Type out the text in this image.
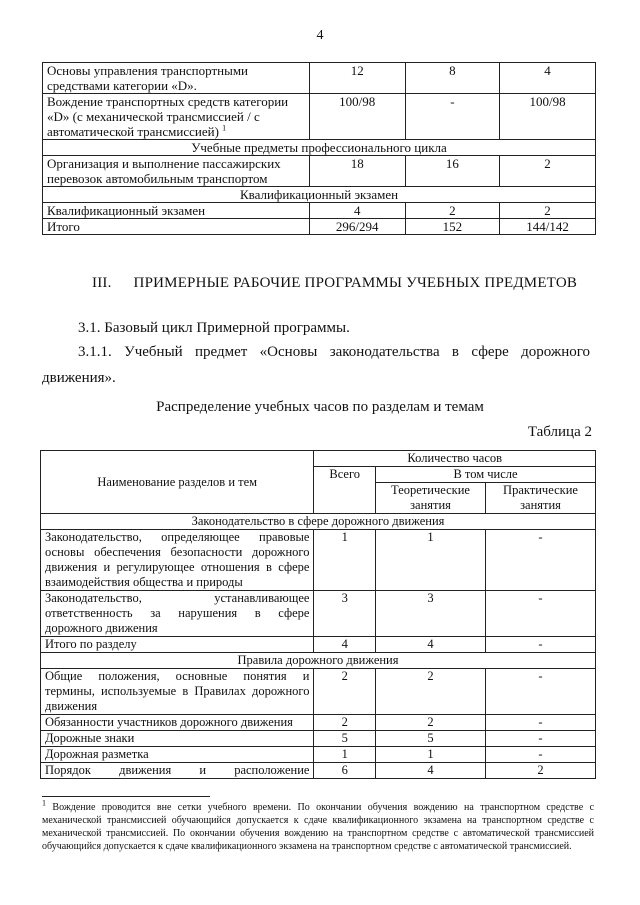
4
Основы управления транспортными средствами категории «D».	12	8	4
Вождение транспортных средств категории «D» (с механической трансмиссией / с автоматической трансмиссией) $^1$	100/98	-	100/98
Учебные предметы профессионального цикла			
Организация и выполнение пассажирских перевозок автомобильным транспортом	18	16	2
Квалификационный экзамен			
Квалификационный экзамен	4	2	2
Итого	296/294	152	144/142
III. ПРИМЕРНЫЕ РАБОЧИЕ ПРОГРАММЫ УЧЕБНЫХ ПРЕДМЕТОВ
3.1. Базовый цикл Примерной программы.
3.1.1. Учебный предмет «Основы законодательства в сфере дорожного
движения».
Распределение учебных часов по разделам и темам
Таблица 2
Наименование разделов и тем	Количество часов		
	Всего	В том числе	
		Теоретические занятия	Практические занятия
Законодательство в сфере дорожного движения			
Законодательство, определяющее правовые основы обеспечения безопасности дорожного движения и регулирующее отношения в сфере взаимодействия общества и природы	1	1	-
Законодательство, устанавливающее ответственность за нарушения в сфере дорожного движения	3	3	-
Итого по разделу	4	4	-
Правила дорожного движения			
Общие положения, основные понятия и термины, используемые в Правилах дорожного движения	2	2	-
Обязанности участников дорожного движения	2	2	-
Дорожные знаки	5	5	-
Дорожная разметка	1	1	-
Порядок движения и расположение	6	4	2
$^1$ Вождение проводится вне сетки учебного времени. По окончании обучения вождению на транспортном средстве с механической трансмиссией обучающийся допускается к сдаче квалификационного экзамена на транспортном средстве с механической трансмиссией. По окончании обучения вождению на транспортном средстве с автоматической трансмиссией обучающийся допускается к сдаче квалификационного экзамена на транспортном средстве с автоматической трансмиссией.
